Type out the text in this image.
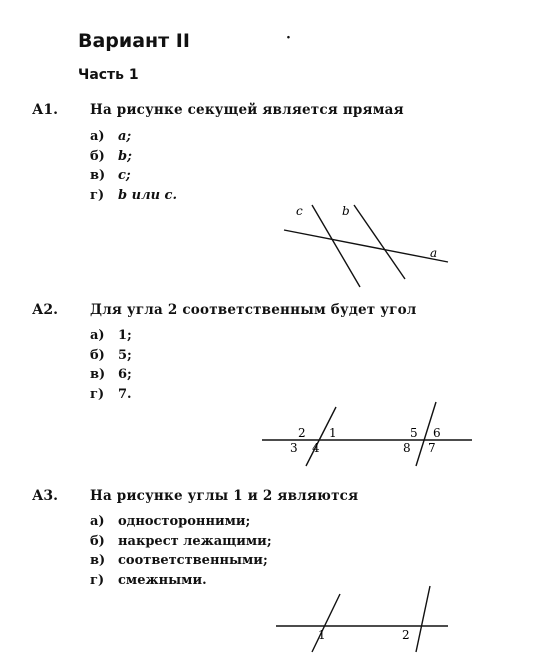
Вариант II	·
Часть 1
А1. На рисунке секущей является прямая
а) a;
б) b;
в) c;
г) b или c.
А2. Для угла 2 соответственным будет угол
а) 1;
б) 5;
в) 6;
г) 7.
А3. На рисунке углы 1 и 2 являются
а) односторонними;
б) накрест лежащими;
в) соответственными;
г) смежными.
c	b
a
2 1
3 4
5 6
8 7
1	2
